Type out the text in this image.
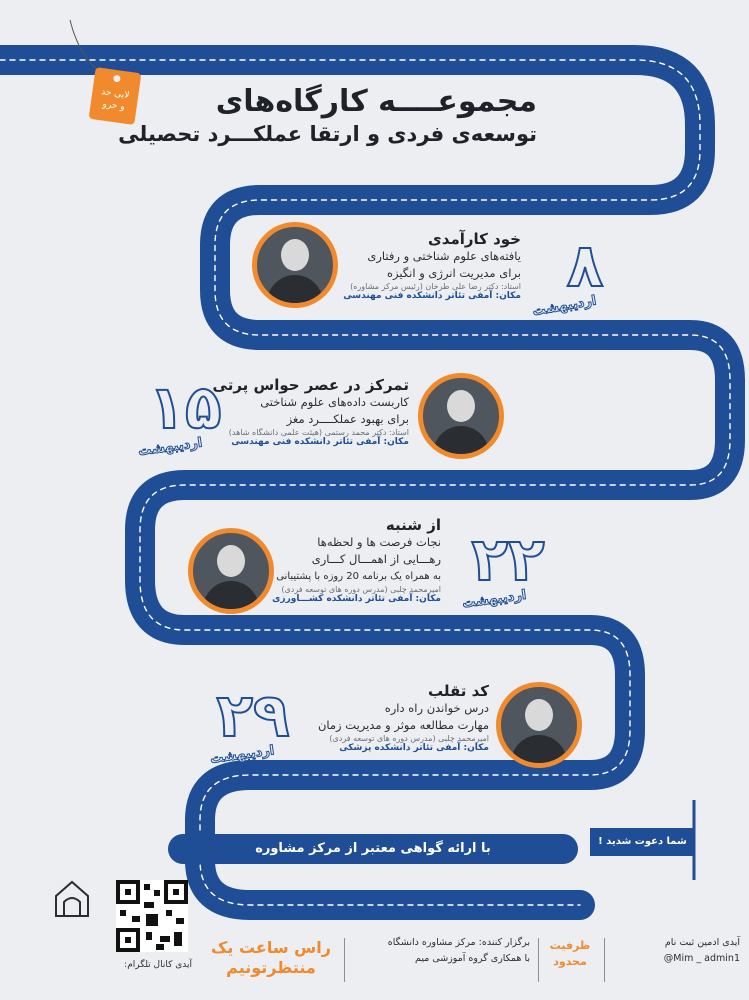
لایی حد
و حرو	مجموعــــه کارگاه‌های
توسعه‌ی فردی و ارتقا عملکـــرد تحصیلی
خود کارآمدی
یافته‌های علوم شناختی و رفتاری
برای مدیریت انرژی و انگیزه
استاد: دکتر رضا علی طرخان (رئیس مرکز مشاوره)
مکان: آمفی تئاتر دانشکده فنی مهندسی ۸
اردیبهشت
تمرکز در عصر حواس پرتی
کاربست داده‌های علوم شناختی
برای بهبود عملکــــرد مغز
استاد: دکتر محمد رستمی (هیئت علمی دانشگاه شاهد)
مکان: آمفی تئاتر دانشکده فنی مهندسی
۱۵
اردیبهشت
از شنبه
نجات فرصت ها و لحظه‌ها
رهـــایی از اهمـــال کـــاری
به همراه یک برنامه 20 روزه با پشتیبانی
امیرمحمد چلبی (مدرس دوره های توسعه فردی)
مکان: آمفی تئاتر دانشکده کشـــاورزی
۲۲
اردیبهشت
کد تقلب
درس خواندن راه داره
مهارت مطالعه موثر و مدیریت زمان
امیرمحمد چلبی (مدرس دوره های توسعه فردی)
مکان: آمفی تئاتر دانشکده پزشکی
۲۹
اردیبهشت
با ارائه گواهی معتبر از مرکز مشاوره	شما دعوت شدید !
آیدی کانال تلگرام:
راس ساعت یک
منتظرتونیم
برگزار کننده: مرکز مشاوره دانشگاه
با همکاری گروه آموزشی میم
ظرفیت
محدود
آیدی ادمین ثبت نام
@Mim _ admin1
